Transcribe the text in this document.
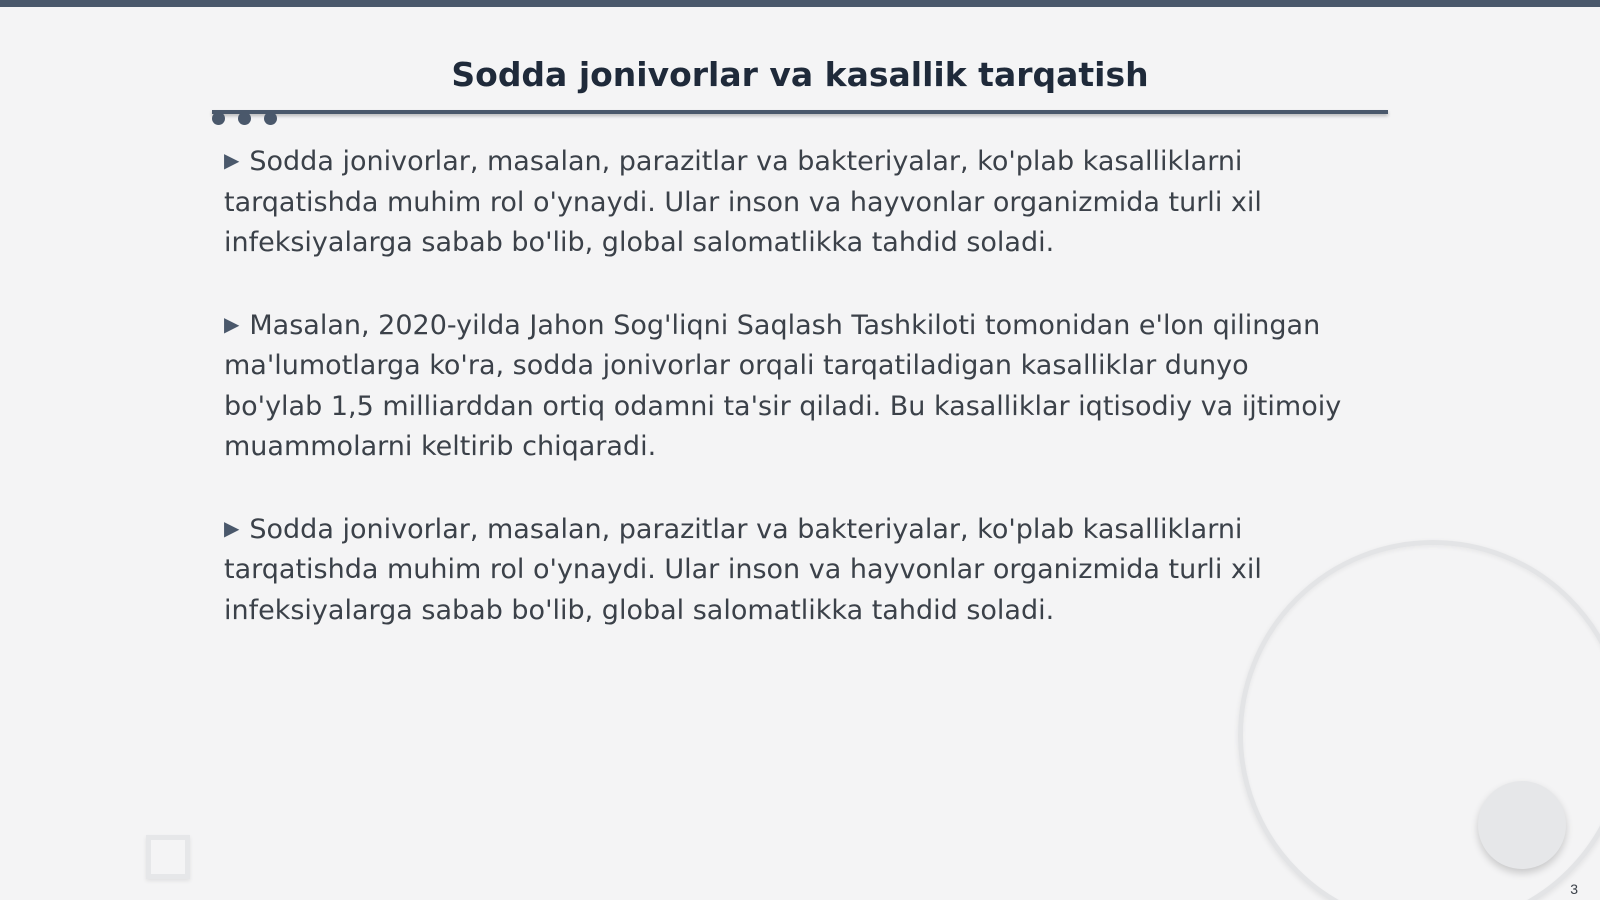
Sodda jonivorlar va kasallik tarqatish

▶ Sodda jonivorlar, masalan, parazitlar va bakteriyalar, ko'plab kasalliklarni tarqatishda muhim rol o'ynaydi. Ular inson va hayvonlar organizmida turli xil infeksiyalarga sabab bo'lib, global salomatlikka tahdid soladi.

▶ Masalan, 2020-yilda Jahon Sog'liqni Saqlash Tashkiloti tomonidan e'lon qilingan ma'lumotlarga ko'ra, sodda jonivorlar orqali tarqatiladigan kasalliklar dunyo bo'ylab 1,5 milliarddan ortiq odamni ta'sir qiladi. Bu kasalliklar iqtisodiy va ijtimoiy muammolarni keltirib chiqaradi.

▶ Sodda jonivorlar, masalan, parazitlar va bakteriyalar, ko'plab kasalliklarni tarqatishda muhim rol o'ynaydi. Ular inson va hayvonlar organizmida turli xil infeksiyalarga sabab bo'lib, global salomatlikka tahdid soladi.

3
